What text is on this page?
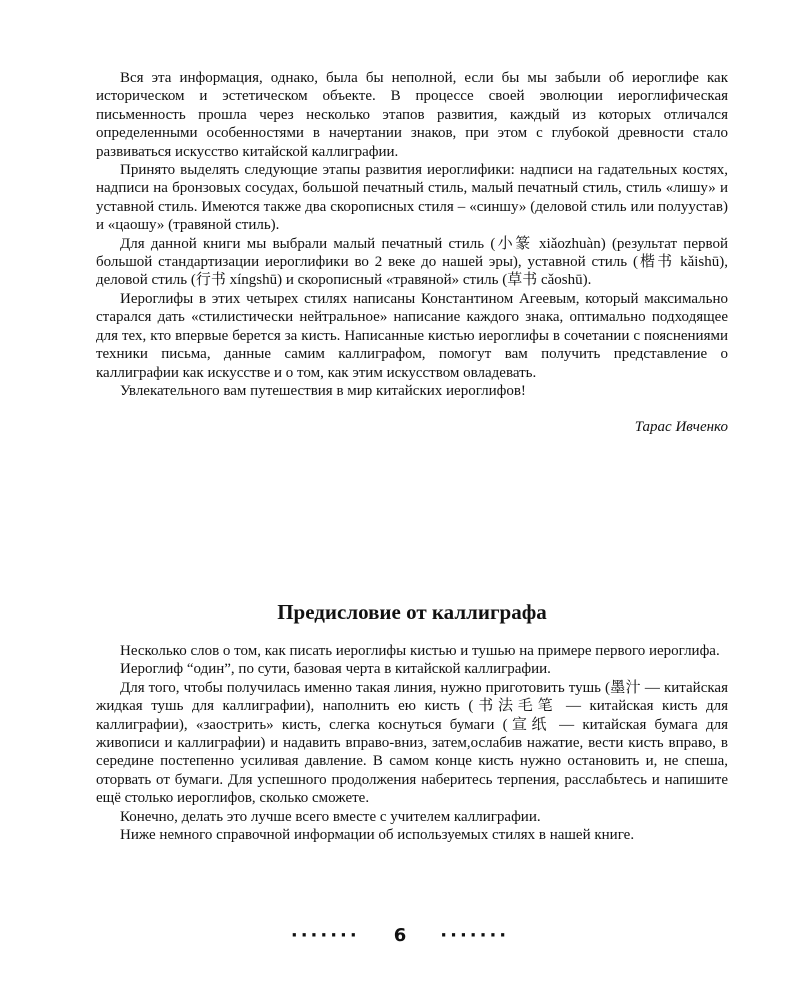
Вся эта информация, однако, была бы неполной, если бы мы забыли об иероглифе как историческом и эстетическом объекте. В процессе своей эволюции иероглифическая письменность прошла через несколько этапов развития, каждый из которых отличался определенными особенностями в начертании знаков, при этом с глубокой древности стало развиваться искусство китайской каллиграфии.

Принято выделять следующие этапы развития иероглифики: надписи на гадательных костях, надписи на бронзовых сосудах, большой печатный стиль, малый печатный стиль, стиль «лишу» и уставной стиль. Имеются также два скорописных стиля – «синшу» (деловой стиль или полуустав) и «цаошу» (травяной стиль).

Для данной книги мы выбрали малый печатный стиль (小篆 xiǎozhuàn) (результат первой большой стандартизации иероглифики во 2 веке до нашей эры), уставной стиль (楷书 kǎishū), деловой стиль (行书 xíngshū) и скорописный «травяной» стиль (草书 cǎoshū).

Иероглифы в этих четырех стилях написаны Константином Агеевым, который максимально старался дать «стилистически нейтральное» написание каждого знака, оптимально подходящее для тех, кто впервые берется за кисть. Написанные кистью иероглифы в сочетании с пояснениями техники письма, данные самим каллиграфом, помогут вам получить представление о каллиграфии как искусстве и о том, как этим искусством овладевать.

Увлекательного вам путешествия в мир китайских иероглифов!

Тарас Ивченко

Предисловие от каллиграфа

Несколько слов о том, как писать иероглифы кистью и тушью на примере первого иероглифа.

Иероглиф “один”, по сути, базовая черта в китайской каллиграфии.

Для того, чтобы получилась именно такая линия, нужно приготовить тушь (墨汁 — китайская жидкая тушь для каллиграфии), наполнить ею кисть (书法毛笔 — китайская кисть для каллиграфии), «заострить» кисть, слегка коснуться бумаги (宣纸 — китайская бумага для живописи и каллиграфии) и надавить вправо-вниз, затем,ослабив нажатие, вести кисть вправо, в середине постепенно усиливая давление. В самом конце кисть нужно остановить и, не спеша, оторвать от бумаги. Для успешного продолжения наберитесь терпения, расслабьтесь и напишите ещё столько иероглифов, сколько сможете.

Конечно, делать это лучше всего вместе с учителем каллиграфии.

Ниже немного справочной информации об используемых стилях в нашей книге.

······· 6 ·······
